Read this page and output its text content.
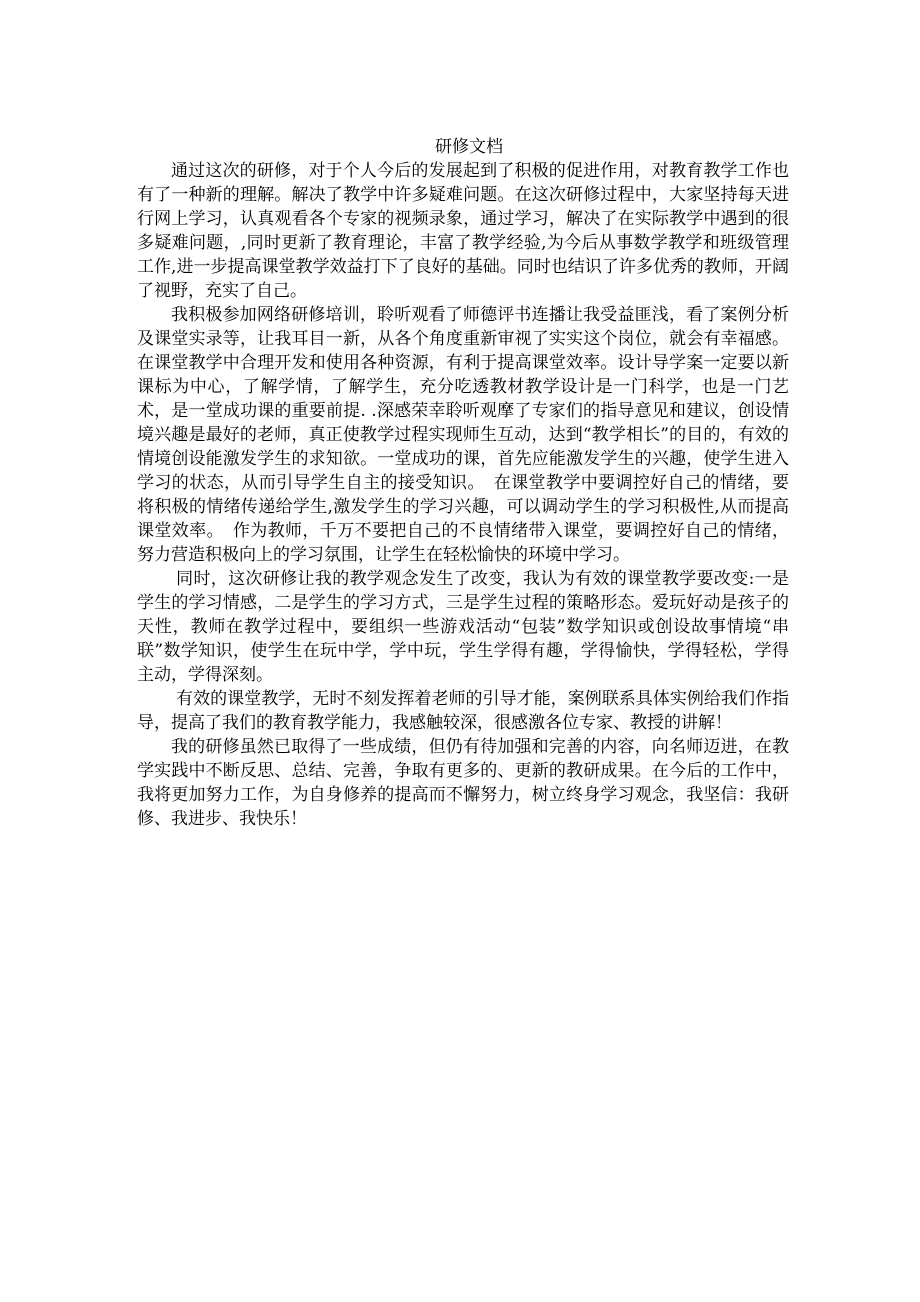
研修文档

通过这次的研修，对于个人今后的发展起到了积极的促进作用，对教育教学工作也有了一种新的理解。解决了教学中许多疑难问题。在这次研修过程中，大家坚持每天进行网上学习，认真观看各个专家的视频录象，通过学习，解决了在实际教学中遇到的很多疑难问题，,同时更新了教育理论，丰富了教学经验,为今后从事数学教学和班级管理工作,进一步提高课堂教学效益打下了良好的基础。同时也结识了许多优秀的教师，开阔了视野，充实了自己。

我积极参加网络研修培训，聆听观看了师德评书连播让我受益匪浅，看了案例分析及课堂实录等，让我耳目一新，从各个角度重新审视了实实这个岗位，就会有幸福感。在课堂教学中合理开发和使用各种资源，有利于提高课堂效率。设计导学案一定要以新课标为中心，了解学情，了解学生，充分吃透教材教学设计是一门科学，也是一门艺术，是一堂成功课的重要前提. .深感荣幸聆听观摩了专家们的指导意见和建议，创设情境兴趣是最好的老师，真正使教学过程实现师生互动，达到“教学相长”的目的，有效的情境创设能激发学生的求知欲。一堂成功的课，首先应能激发学生的兴趣，使学生进入学习的状态，从而引导学生自主的接受知识。　在课堂教学中要调控好自己的情绪，要将积极的情绪传递给学生,激发学生的学习兴趣，可以调动学生的学习积极性,从而提高课堂效率。　作为教师，千万不要把自己的不良情绪带入课堂，要调控好自己的情绪，努力营造积极向上的学习氛围，让学生在轻松愉快的环境中学习。

同时，这次研修让我的教学观念发生了改变，我认为有效的课堂教学要改变:一是学生的学习情感，二是学生的学习方式，三是学生过程的策略形态。爱玩好动是孩子的天性，教师在教学过程中，要组织一些游戏活动“包装”数学知识或创设故事情境“串联”数学知识，使学生在玩中学，学中玩，学生学得有趣，学得愉快，学得轻松，学得主动，学得深刻。

有效的课堂教学，无时不刻发挥着老师的引导才能，案例联系具体实例给我们作指导，提高了我们的教育教学能力，我感触较深，很感激各位专家、教授的讲解！

我的研修虽然已取得了一些成绩，但仍有待加强和完善的内容，向名师迈进，在教学实践中不断反思、总结、完善，争取有更多的、更新的教研成果。在今后的工作中，我将更加努力工作，为自身修养的提高而不懈努力，树立终身学习观念，我坚信：我研修、我进步、我快乐！
